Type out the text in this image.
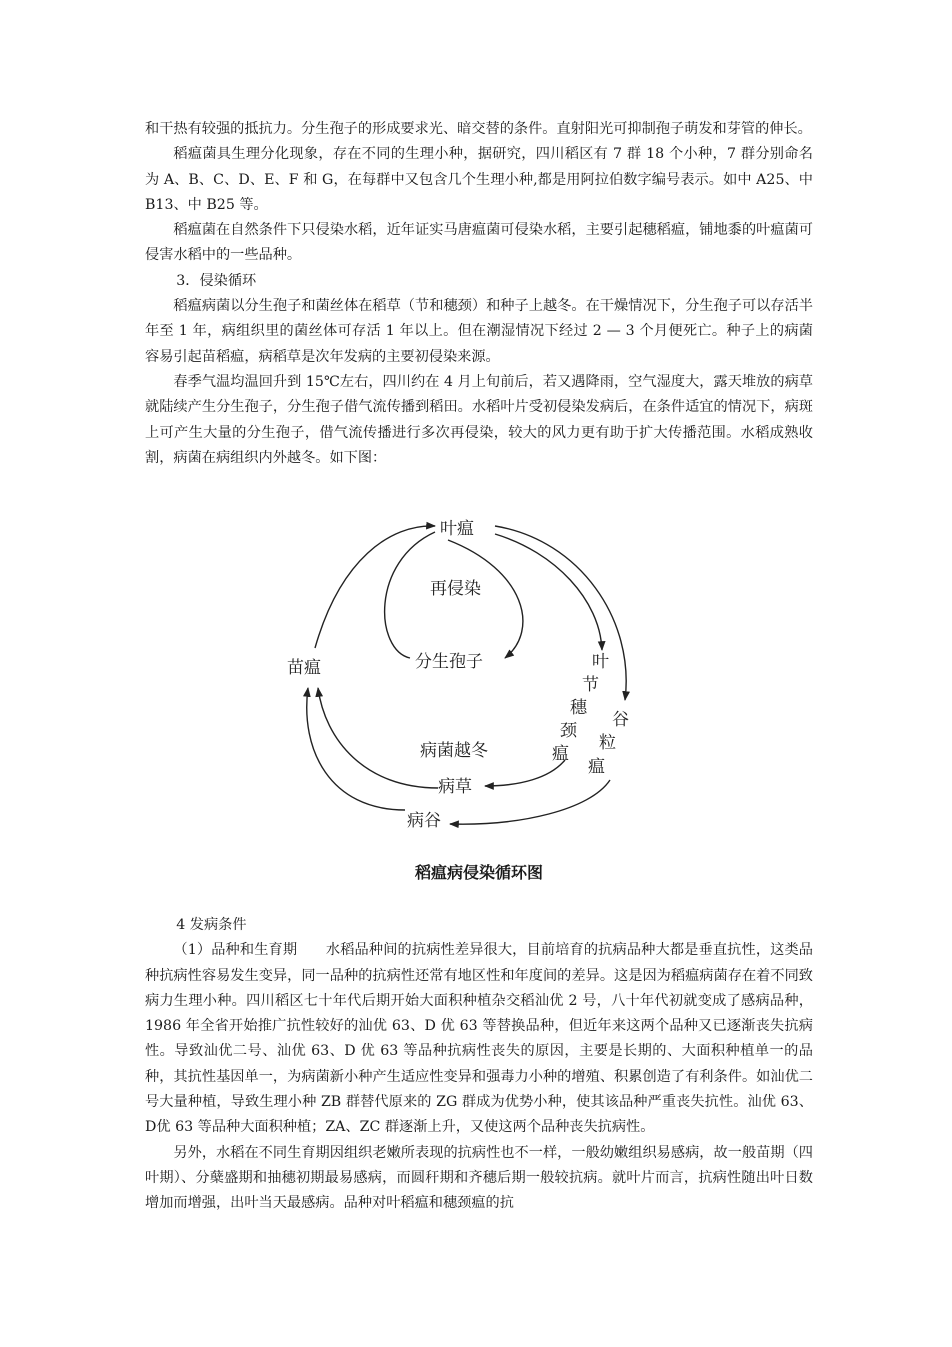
和干热有较强的抵抗力。分生孢子的形成要求光、暗交替的条件。直射阳光可抑制孢子萌发和芽管的伸长。

稻瘟菌具生理分化现象，存在不同的生理小种，据研究，四川稻区有 7 群 18 个小种，7 群分别命名为 A、B、C、D、E、F 和 G，在每群中又包含几个生理小种,都是用阿拉伯数字编号表示。如中 A25、中 B13、中 B25 等。

稻瘟菌在自然条件下只侵染水稻，近年证实马唐瘟菌可侵染水稻，主要引起穗稻瘟，铺地黍的叶瘟菌可侵害水稻中的一些品种。

3．侵染循环

稻瘟病菌以分生孢子和菌丝体在稻草（节和穗颈）和种子上越冬。在干燥情况下，分生孢子可以存活半年至 1 年，病组织里的菌丝体可存活 1 年以上。但在潮湿情况下经过 2 — 3 个月便死亡。种子上的病菌容易引起苗稻瘟，病稻草是次年发病的主要初侵染来源。

春季气温均温回升到 15℃左右，四川约在 4 月上旬前后，若又遇降雨，空气湿度大，露天堆放的病草就陆续产生分生孢子，分生孢子借气流传播到稻田。水稻叶片受初侵染发病后，在条件适宜的情况下，病斑上可产生大量的分生孢子，借气流传播进行多次再侵染，较大的风力更有助于扩大传播范围。水稻成熟收割，病菌在病组织内外越冬。如下图：

叶瘟
再侵染
苗瘟	分生孢子	叶
节
穗
颈
瘟
谷
粒
瘟
病菌越冬
病草
病谷
稻瘟病侵染循环图

4 发病条件

（1）品种和生育期　　水稻品种间的抗病性差异很大，目前培育的抗病品种大都是垂直抗性，这类品种抗病性容易发生变异，同一品种的抗病性还常有地区性和年度间的差异。这是因为稻瘟病菌存在着不同致病力生理小种。四川稻区七十年代后期开始大面积种植杂交稻汕优 2 号，八十年代初就变成了感病品种，1986 年全省开始推广抗性较好的汕优 63、D 优 63 等替换品种，但近年来这两个品种又已逐渐丧失抗病性。导致汕优二号、汕优 63、D 优 63 等品种抗病性丧失的原因，主要是长期的、大面积种植单一的品种，其抗性基因单一，为病菌新小种产生适应性变异和强毒力小种的增殖、积累创造了有利条件。如汕优二号大量种植，导致生理小种 ZB 群替代原来的 ZG 群成为优势小种，使其该品种严重丧失抗性。汕优 63、D优 63 等品种大面积种植；ZA、ZC 群逐渐上升，又使这两个品种丧失抗病性。

另外，水稻在不同生育期因组织老嫩所表现的抗病性也不一样，一般幼嫩组织易感病，故一般苗期（四叶期）、分蘖盛期和抽穗初期最易感病，而圆秆期和齐穗后期一般较抗病。就叶片而言，抗病性随出叶日数增加而增强，出叶当天最感病。品种对叶稻瘟和穗颈瘟的抗
